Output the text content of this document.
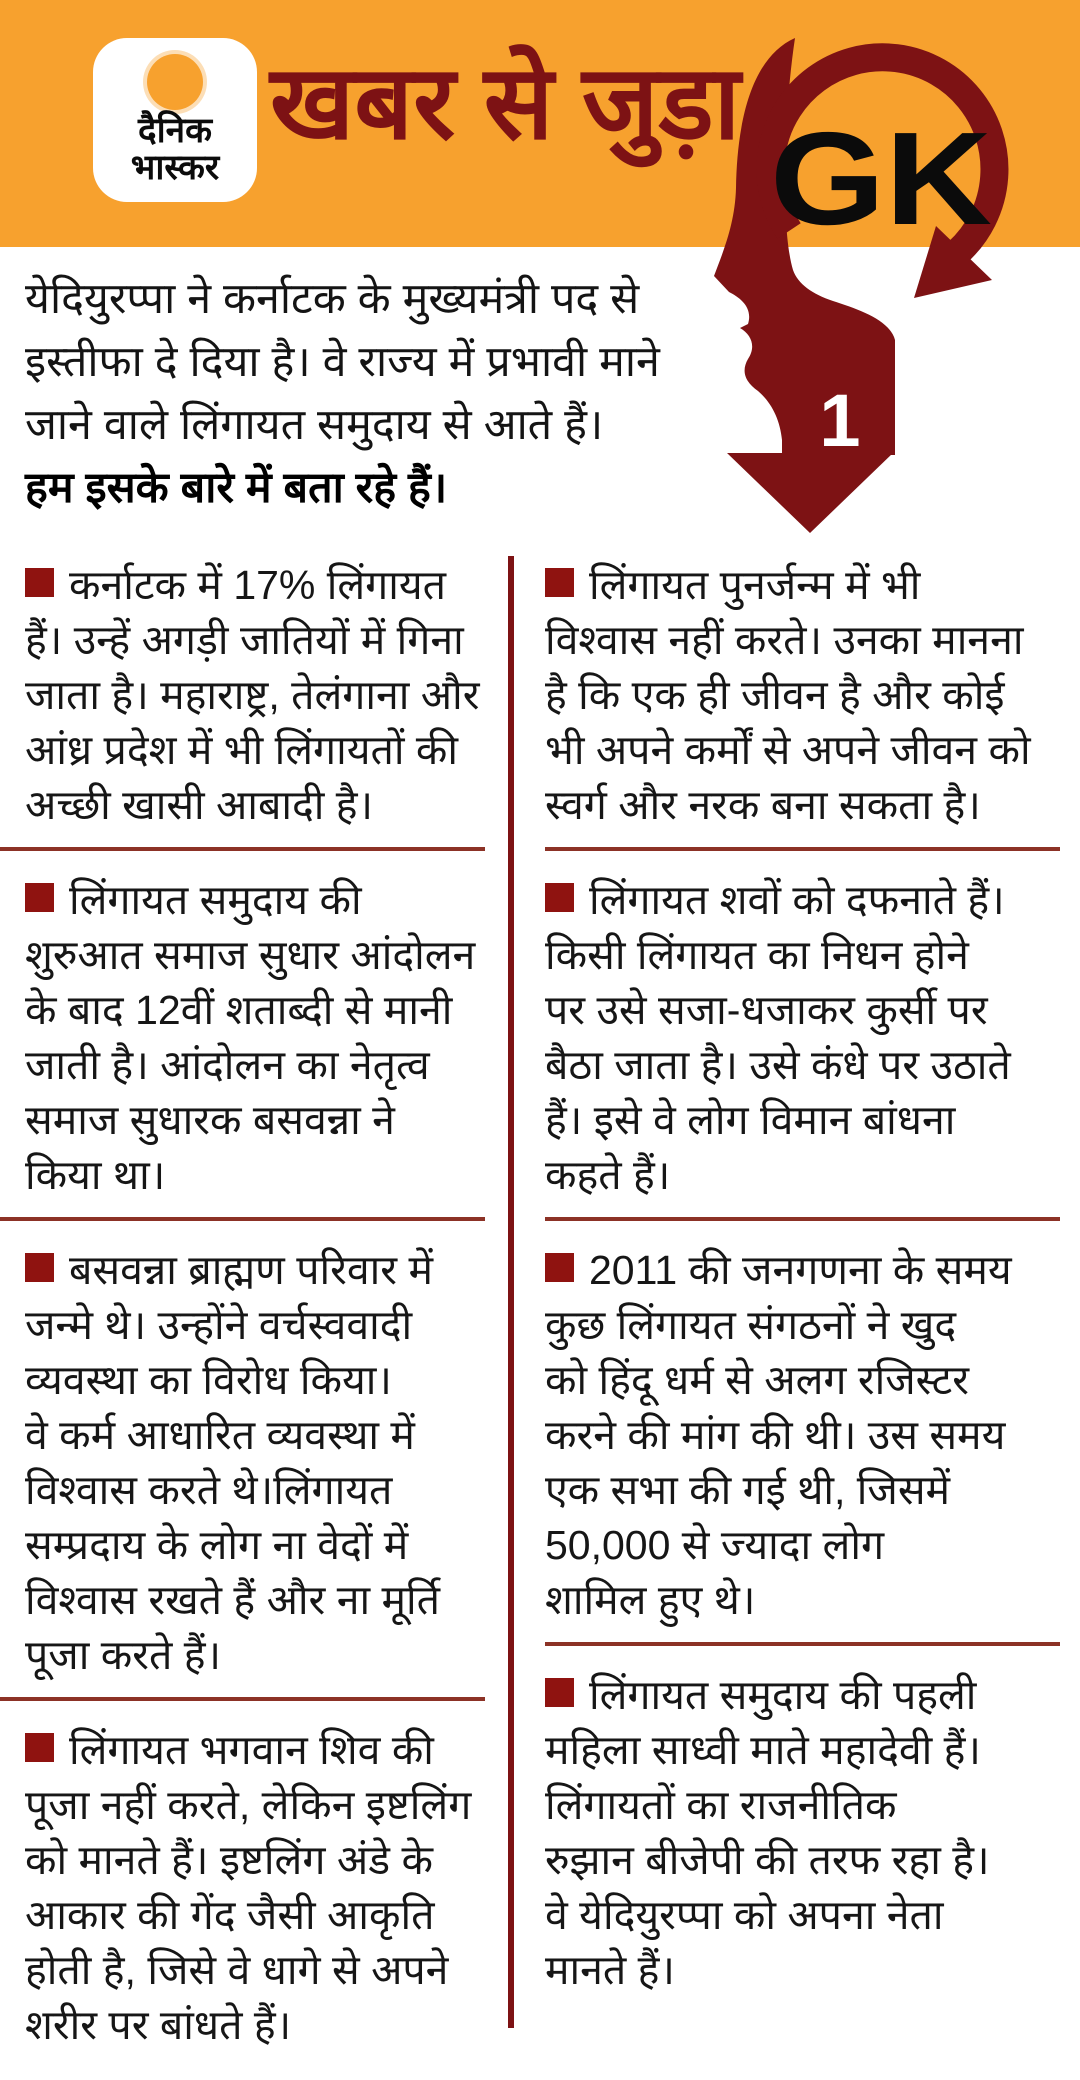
दैनिक
भास्कर
खबर से जुड़ा
GK
1
येदियुरप्पा ने कर्नाटक के मुख्यमंत्री पद से
इस्तीफा दे दिया है। वे राज्य में प्रभावी माने
जाने वाले लिंगायत समुदाय से आते हैं।
हम इसके बारे में बता रहे हैं।
कर्नाटक में 17% लिंगायत
हैं। उन्हें अगड़ी जातियों में गिना
जाता है। महाराष्ट्र, तेलंगाना और
आंध्र प्रदेश में भी लिंगायतों की
अच्छी खासी आबादी है।
लिंगायत समुदाय की
शुरुआत समाज सुधार आंदोलन
के बाद 12वीं शताब्दी से मानी
जाती है। आंदोलन का नेतृत्व
समाज सुधारक बसवन्ना ने
किया था।
बसवन्ना ब्राह्मण परिवार में
जन्मे थे। उन्होंने वर्चस्ववादी
व्यवस्था का विरोध किया।
वे कर्म आधारित व्यवस्था में
विश्वास करते थे।लिंगायत
सम्प्रदाय के लोग ना वेदों में
विश्वास रखते हैं और ना मूर्ति
पूजा करते हैं।
लिंगायत भगवान शिव की
पूजा नहीं करते, लेकिन इष्टलिंग
को मानते हैं। इष्टलिंग अंडे के
आकार की गेंद जैसी आकृति
होती है, जिसे वे धागे से अपने
शरीर पर बांधते हैं।
लिंगायत पुनर्जन्म में भी
विश्वास नहीं करते। उनका मानना
है कि एक ही जीवन है और कोई
भी अपने कर्मों से अपने जीवन को
स्वर्ग और नरक बना सकता है।
लिंगायत शवों को दफनाते हैं।
किसी लिंगायत का निधन होने
पर उसे सजा-धजाकर कुर्सी पर
बैठा जाता है। उसे कंधे पर उठाते
हैं। इसे वे लोग विमान बांधना
कहते हैं।
2011 की जनगणना के समय
कुछ लिंगायत संगठनों ने खुद
को हिंदू धर्म से अलग रजिस्टर
करने की मांग की थी। उस समय
एक सभा की गई थी, जिसमें
50,000 से ज्यादा लोग
शामिल हुए थे।
लिंगायत समुदाय की पहली
महिला साध्वी माते महादेवी हैं।
लिंगायतों का राजनीतिक
रुझान बीजेपी की तरफ रहा है।
वे येदियुरप्पा को अपना नेता
मानते हैं।
